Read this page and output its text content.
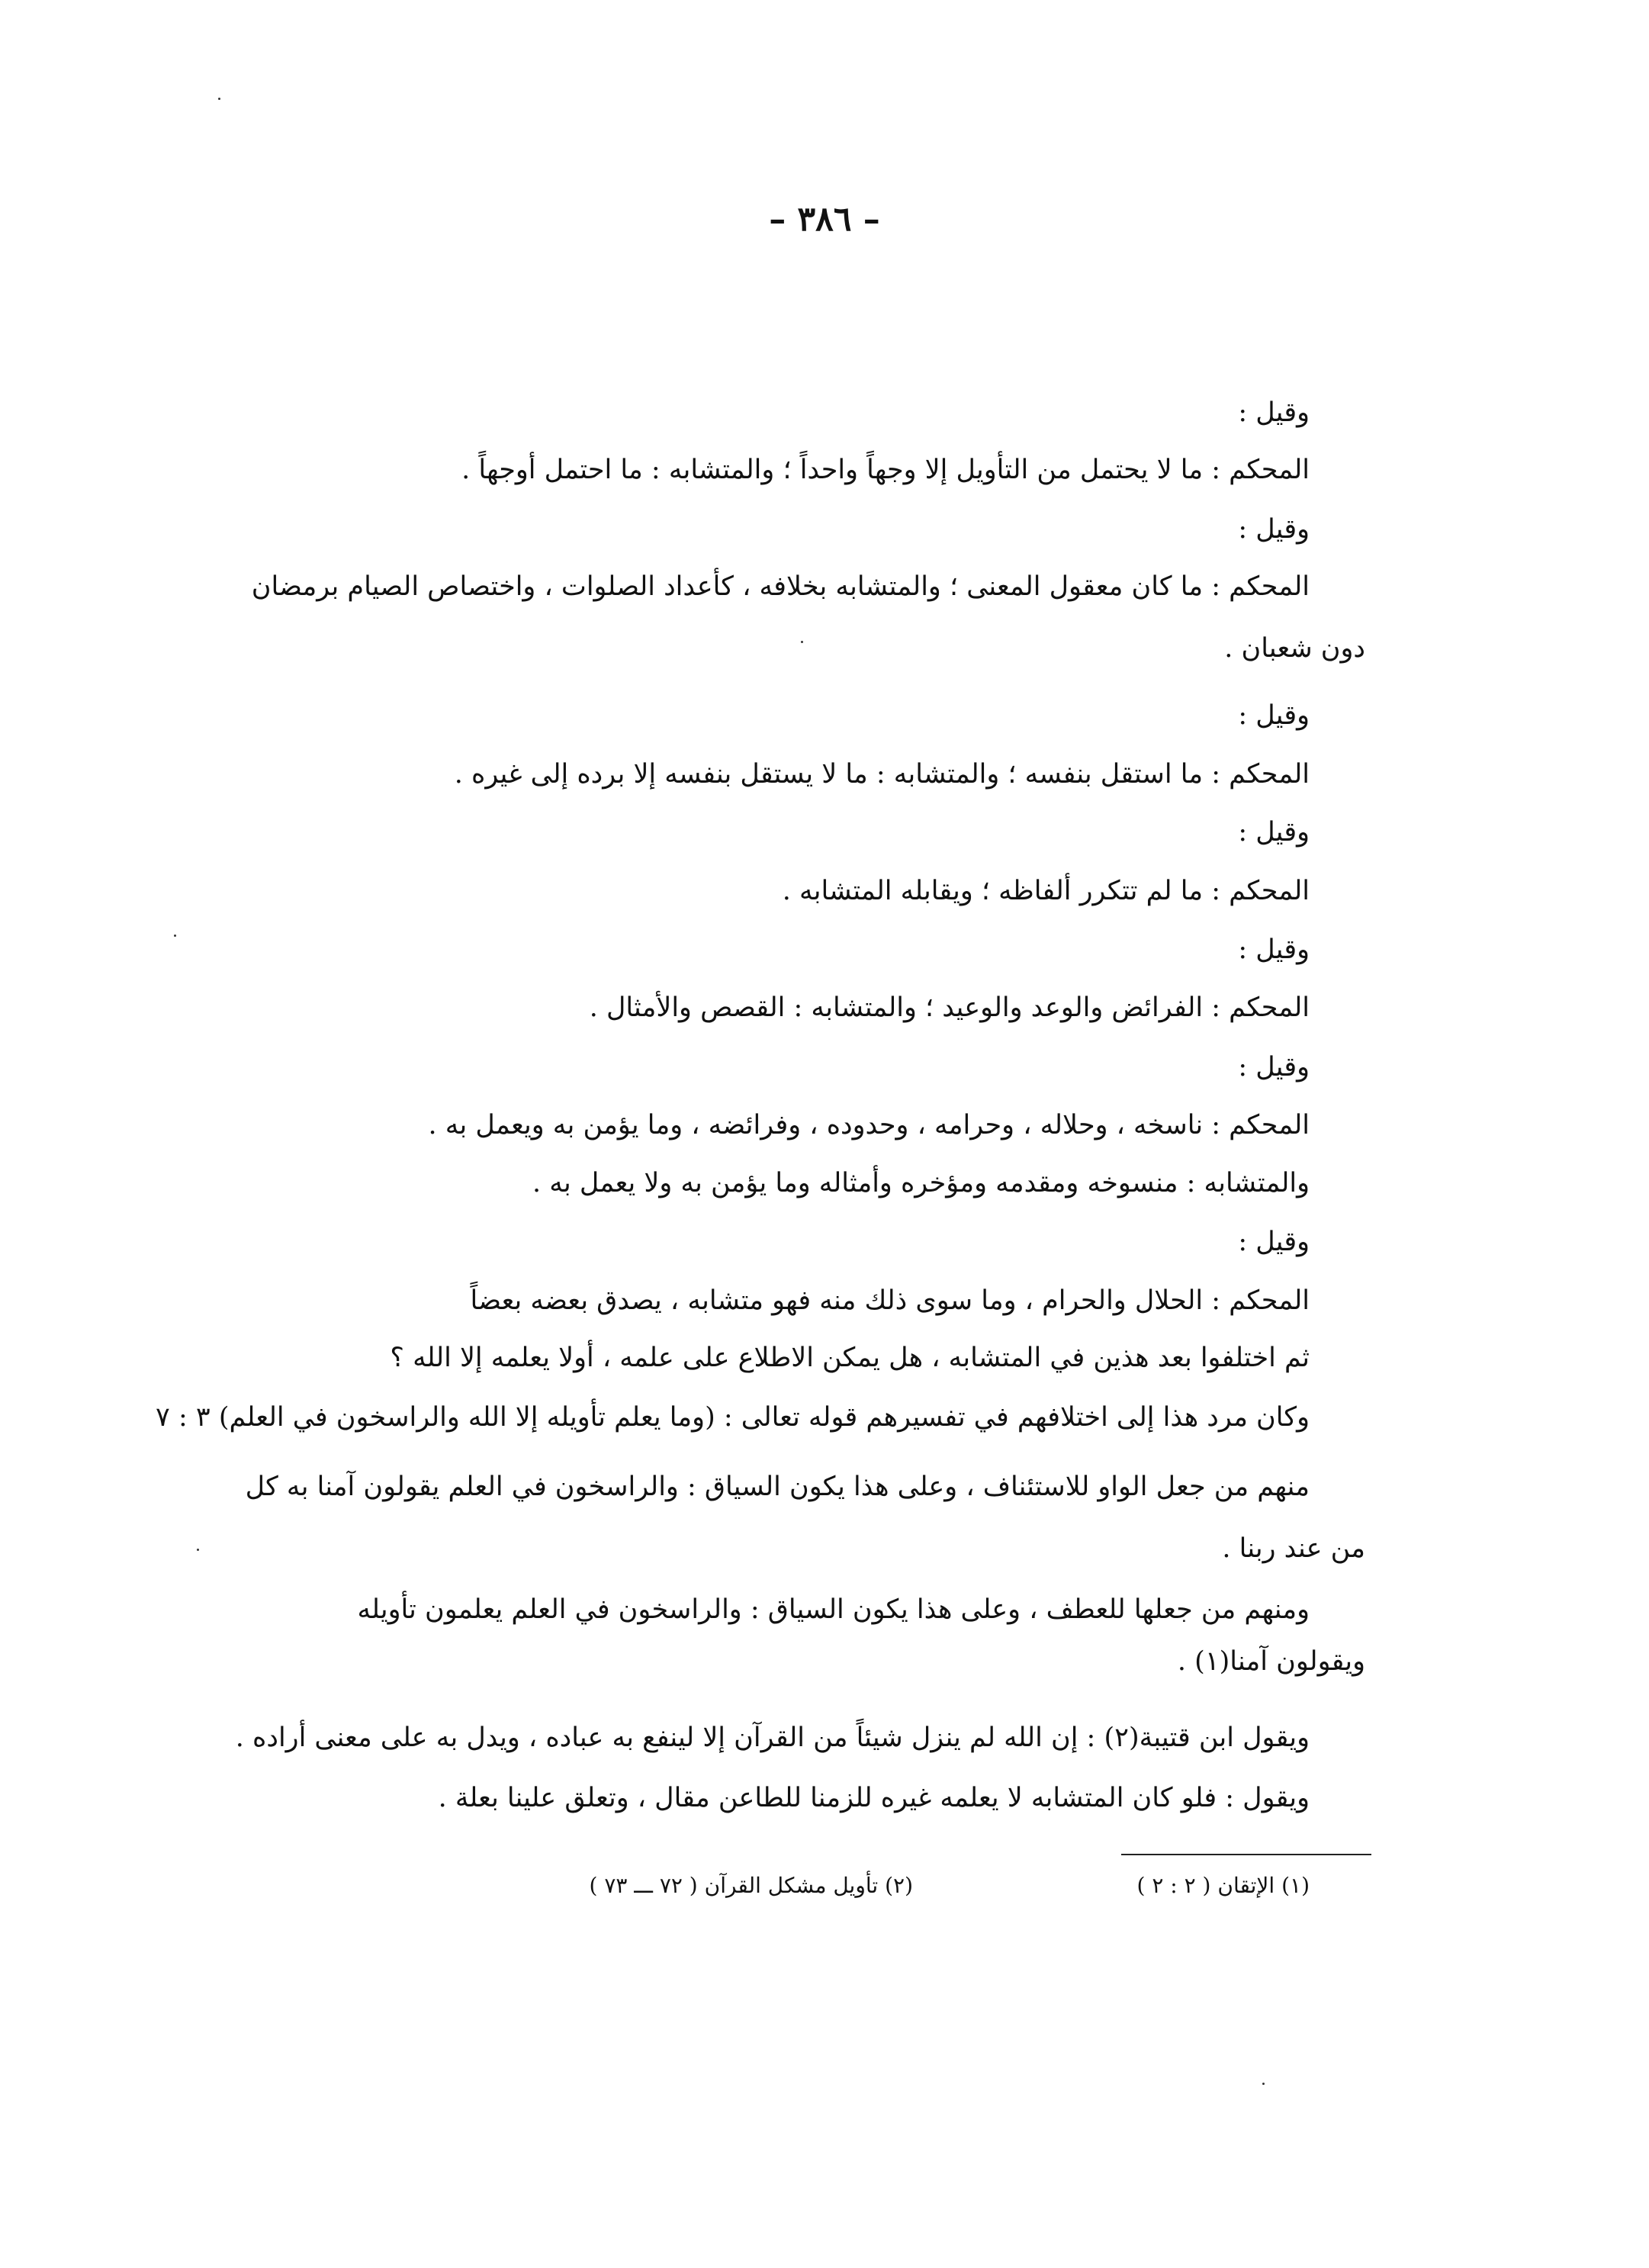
– ٣٨٦ –
وقيل :
المحكم : ما لا يحتمل من التأويل إلا وجهاً واحداً ؛ والمتشابه : ما احتمل أوجهاً .
وقيل :
المحكم : ما كان معقول المعنى ؛ والمتشابه بخلافه ، كأعداد الصلوات ، واختصاص الصيام برمضان
دون شعبان .
وقيل :
المحكم : ما استقل بنفسه ؛ والمتشابه : ما لا يستقل بنفسه إلا برده إلى غيره .
وقيل :
المحكم : ما لم تتكرر ألفاظه ؛ ويقابله المتشابه .
وقيل :
المحكم : الفرائض والوعد والوعيد ؛ والمتشابه : القصص والأمثال .
وقيل :
المحكم : ناسخه ، وحلاله ، وحرامه ، وحدوده ، وفرائضه ، وما يؤمن به ويعمل به .
والمتشابه : منسوخه ومقدمه ومؤخره وأمثاله وما يؤمن به ولا يعمل به .
وقيل :
المحكم : الحلال والحرام ، وما سوى ذلك منه فهو متشابه ، يصدق بعضه بعضاً
ثم اختلفوا بعد هذين في المتشابه ، هل يمكن الاطلاع على علمه ، أولا يعلمه إلا الله ؟
وكان مرد هذا إلى اختلافهم في تفسيرهم قوله تعالى : (وما يعلم تأويله إلا الله والراسخون في العلم) ٣ : ٧
منهم من جعل الواو للاستئناف ، وعلى هذا يكون السياق : والراسخون في العلم يقولون آمنا به كل
من عند ربنا .
ومنهم من جعلها للعطف ، وعلى هذا يكون السياق : والراسخون في العلم يعلمون تأويله
ويقولون آمنا(١) .
ويقول ابن قتيبة(٢) : إن الله لم ينزل شيئاً من القرآن إلا لينفع به عباده ، ويدل به على معنى أراده .
ويقول : فلو كان المتشابه لا يعلمه غيره للزمنا للطاعن مقال ، وتعلق علينا بعلة .
(١) الإتقان ( ٢ : ٢ )
(٢) تأويل مشكل القرآن ( ٧٢ ـــ ٧٣ )
